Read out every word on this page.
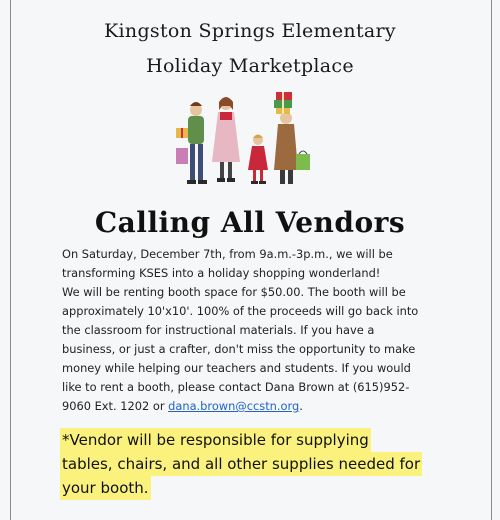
Kingston Springs Elementary
Holiday Marketplace
Calling All Vendors
On Saturday, December 7th, from 9a.m.-3p.m., we will be
transforming KSES into a holiday shopping wonderland!
We will be renting booth space for $50.00. The booth will be
approximately 10'x10'. 100% of the proceeds will go back into
the classroom for instructional materials. If you have a
business, or just a crafter, don't miss the opportunity to make
money while helping our teachers and students. If you would
like to rent a booth, please contact Dana Brown at (615)952-
9060 Ext. 1202 or dana.brown@ccstn.org.
*Vendor will be responsible for supplying
tables, chairs, and all other supplies needed for
your booth.
